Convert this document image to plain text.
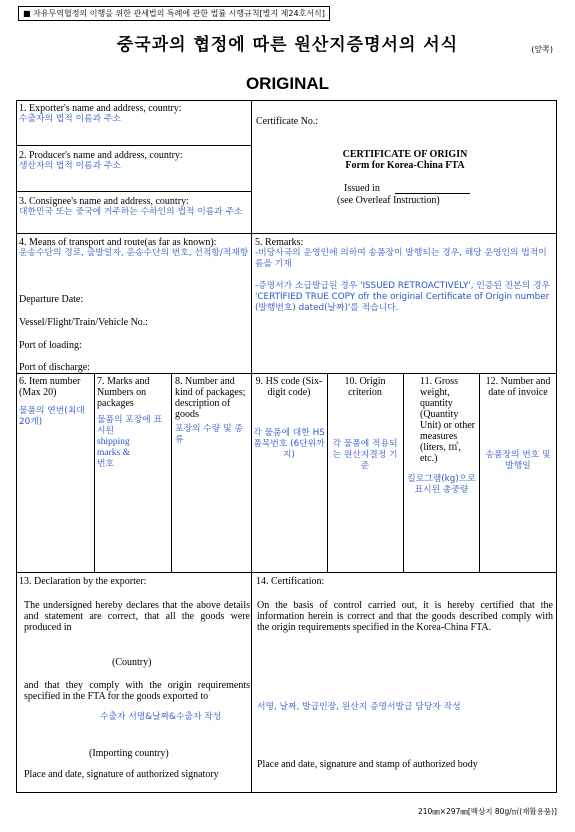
■ 자유무역협정의 이행을 위한 관세법의 특례에 관한 법률 시행규칙[별지 제24호서식]
중국과의 협정에 따른 원산지증명서의 서식	(앞쪽)
ORIGINAL
1. Exporter's name and address, country:
수출자의 법적 이름과 주소
2. Producer's name and address, country:
생산자의 법적 이름과 주소
3. Consignee's name and address, country:
대한민국 또는 중국에 거주하는 수하인의 법적 이름과 주소
Certificate No.:
CERTIFICATE OF ORIGIN
Form for Korea-China FTA
Issued in
(see Overleaf Instruction)
4. Means of transport and route(as far as known):
운송수단의 경로, 출발일자, 운송수단의 번호, 선적항/적재항
Departure Date:
Vessel/Flight/Train/Vehicle No.:
Port of loading:
Port of discharge:
5. Remarks:
-비당사국의 운영인에 의하여 송품장이 발행되는 경우, 해당 운영인의 법적이름을 기재
-증명서가 소급발급된 경우 'ISSUED RETROACTIVELY', 인증된 진본의 경우 'CERTIFIED TRUE COPY ofr the original Certificate of Origin number (발행번호) dated(날짜)'를 적습니다.
6. Item number (Max 20)
물품의 연번(최대 20개)
7. Marks and Numbers on packages
물품의 포장에 표시된
shipping marks &
번호
8. Number and kind of packages; description of goods
포장의 수량 및 종류
9. HS code (Six-digit code)
각 물품에 대한 HS 품목번호 (6단위까지)
10. Origin criterion
각 물품에 적용되는 원산지결정 기준
11. Gross weight, quantity (Quantity Unit) or other measures (liters, ㎥, etc.)
킬로그램(kg)으로 표시된 총중량
12. Number and date of invoice
송품장의 번호 및 발행일
13. Declaration by the exporter:
The undersigned hereby declares that the above details and statement are correct, that all the goods were produced in
(Country)
and that they comply with the origin requirements specified in the FTA for the goods exported to
수출자 서명&날짜&수출자 작성
(Importing country)
Place and date, signature of authorized signatory
14. Certification:
On the basis of control carried out, it is hereby certified that the information herein is correct and that the goods described comply with the origin requirements specified in the Korea-China FTA.
서명, 날짜, 발급인장, 원산지 증명서발급 담당자 작성
Place and date, signature and stamp of authorized body
210㎜×297㎜[백상지 80g/㎡(재활용품)]
